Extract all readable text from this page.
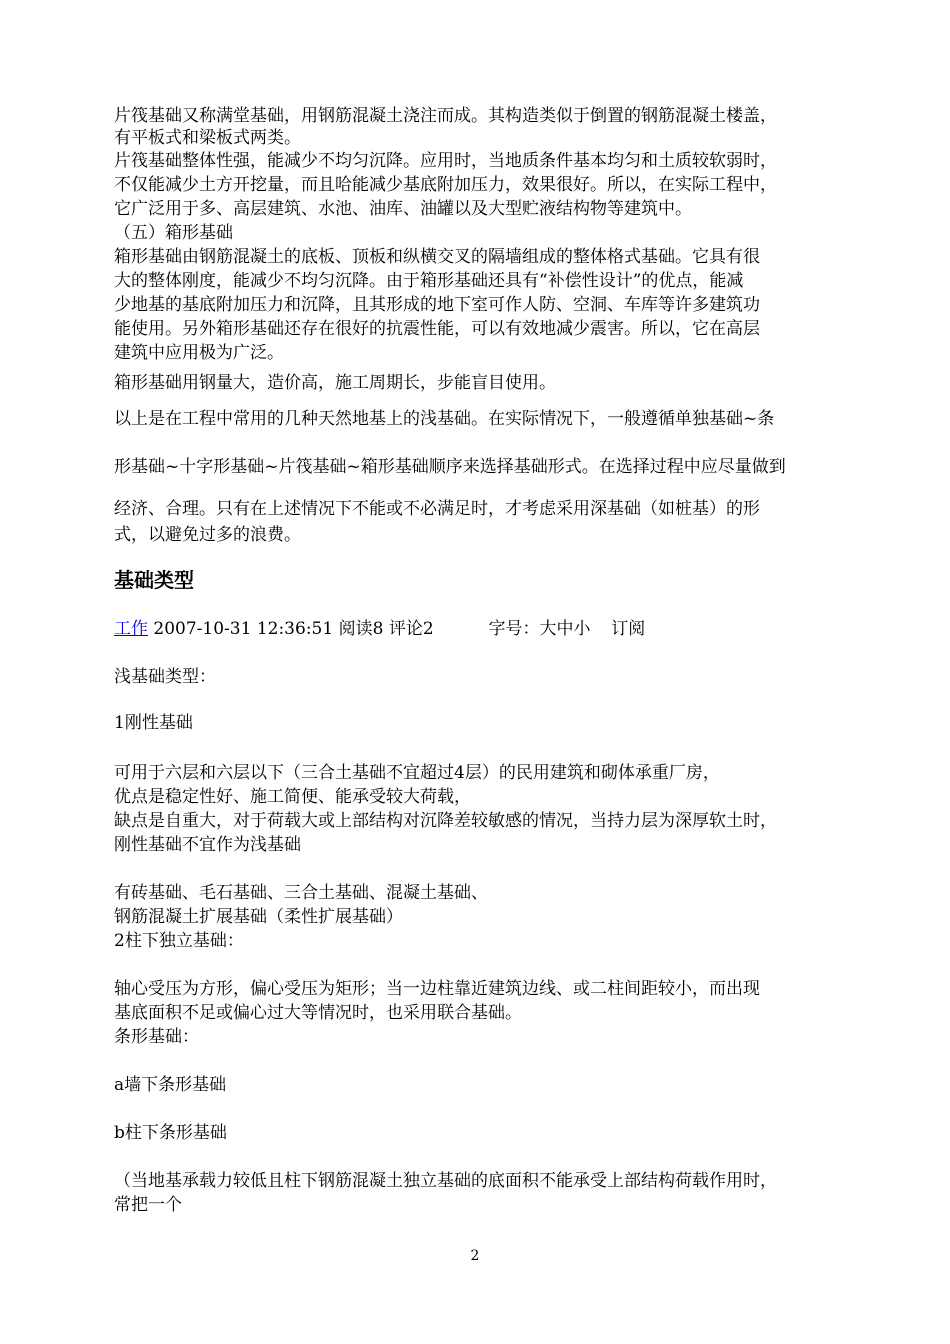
片筏基础又称满堂基础，用钢筋混凝土浇注而成。其构造类似于倒置的钢筋混凝土楼盖，
有平板式和梁板式两类。
片筏基础整体性强，能减少不均匀沉降。应用时，当地质条件基本均匀和土质较软弱时，
不仅能减少土方开挖量，而且哈能减少基底附加压力，效果很好。所以，在实际工程中，
它广泛用于多、高层建筑、水池、油库、油罐以及大型贮液结构物等建筑中。
（五）箱形基础
箱形基础由钢筋混凝土的底板、顶板和纵横交叉的隔墙组成的整体格式基础。它具有很
大的整体刚度，能减少不均匀沉降。由于箱形基础还具有“补偿性设计”的优点，能减
少地基的基底附加压力和沉降，且其形成的地下室可作人防、空洞、车库等许多建筑功
能使用。另外箱形基础还存在很好的抗震性能，可以有效地减少震害。所以，它在高层
建筑中应用极为广泛。
箱形基础用钢量大，造价高，施工周期长，步能盲目使用。
以上是在工程中常用的几种天然地基上的浅基础。在实际情况下，一般遵循单独基础~条
形基础~十字形基础~片筏基础~箱形基础顺序来选择基础形式。在选择过程中应尽量做到
经济、合理。只有在上述情况下不能或不必满足时，才考虑采用深基础（如桩基）的形
式，以避免过多的浪费。
基础类型
工作 2007-10-31 12:36:51 阅读8 评论2	字号：大中小 订阅
浅基础类型：
1刚性基础
可用于六层和六层以下（三合土基础不宜超过4层）的民用建筑和砌体承重厂房，
优点是稳定性好、施工简便、能承受较大荷载，
缺点是自重大，对于荷载大或上部结构对沉降差较敏感的情况，当持力层为深厚软土时，
刚性基础不宜作为浅基础
有砖基础、毛石基础、三合土基础、混凝土基础、
钢筋混凝土扩展基础（柔性扩展基础）
2柱下独立基础：
轴心受压为方形，偏心受压为矩形；当一边柱靠近建筑边线、或二柱间距较小，而出现
基底面积不足或偏心过大等情况时，也采用联合基础。
条形基础：
a墙下条形基础
b柱下条形基础
（当地基承载力较低且柱下钢筋混凝土独立基础的底面积不能承受上部结构荷载作用时，
常把一个
2
